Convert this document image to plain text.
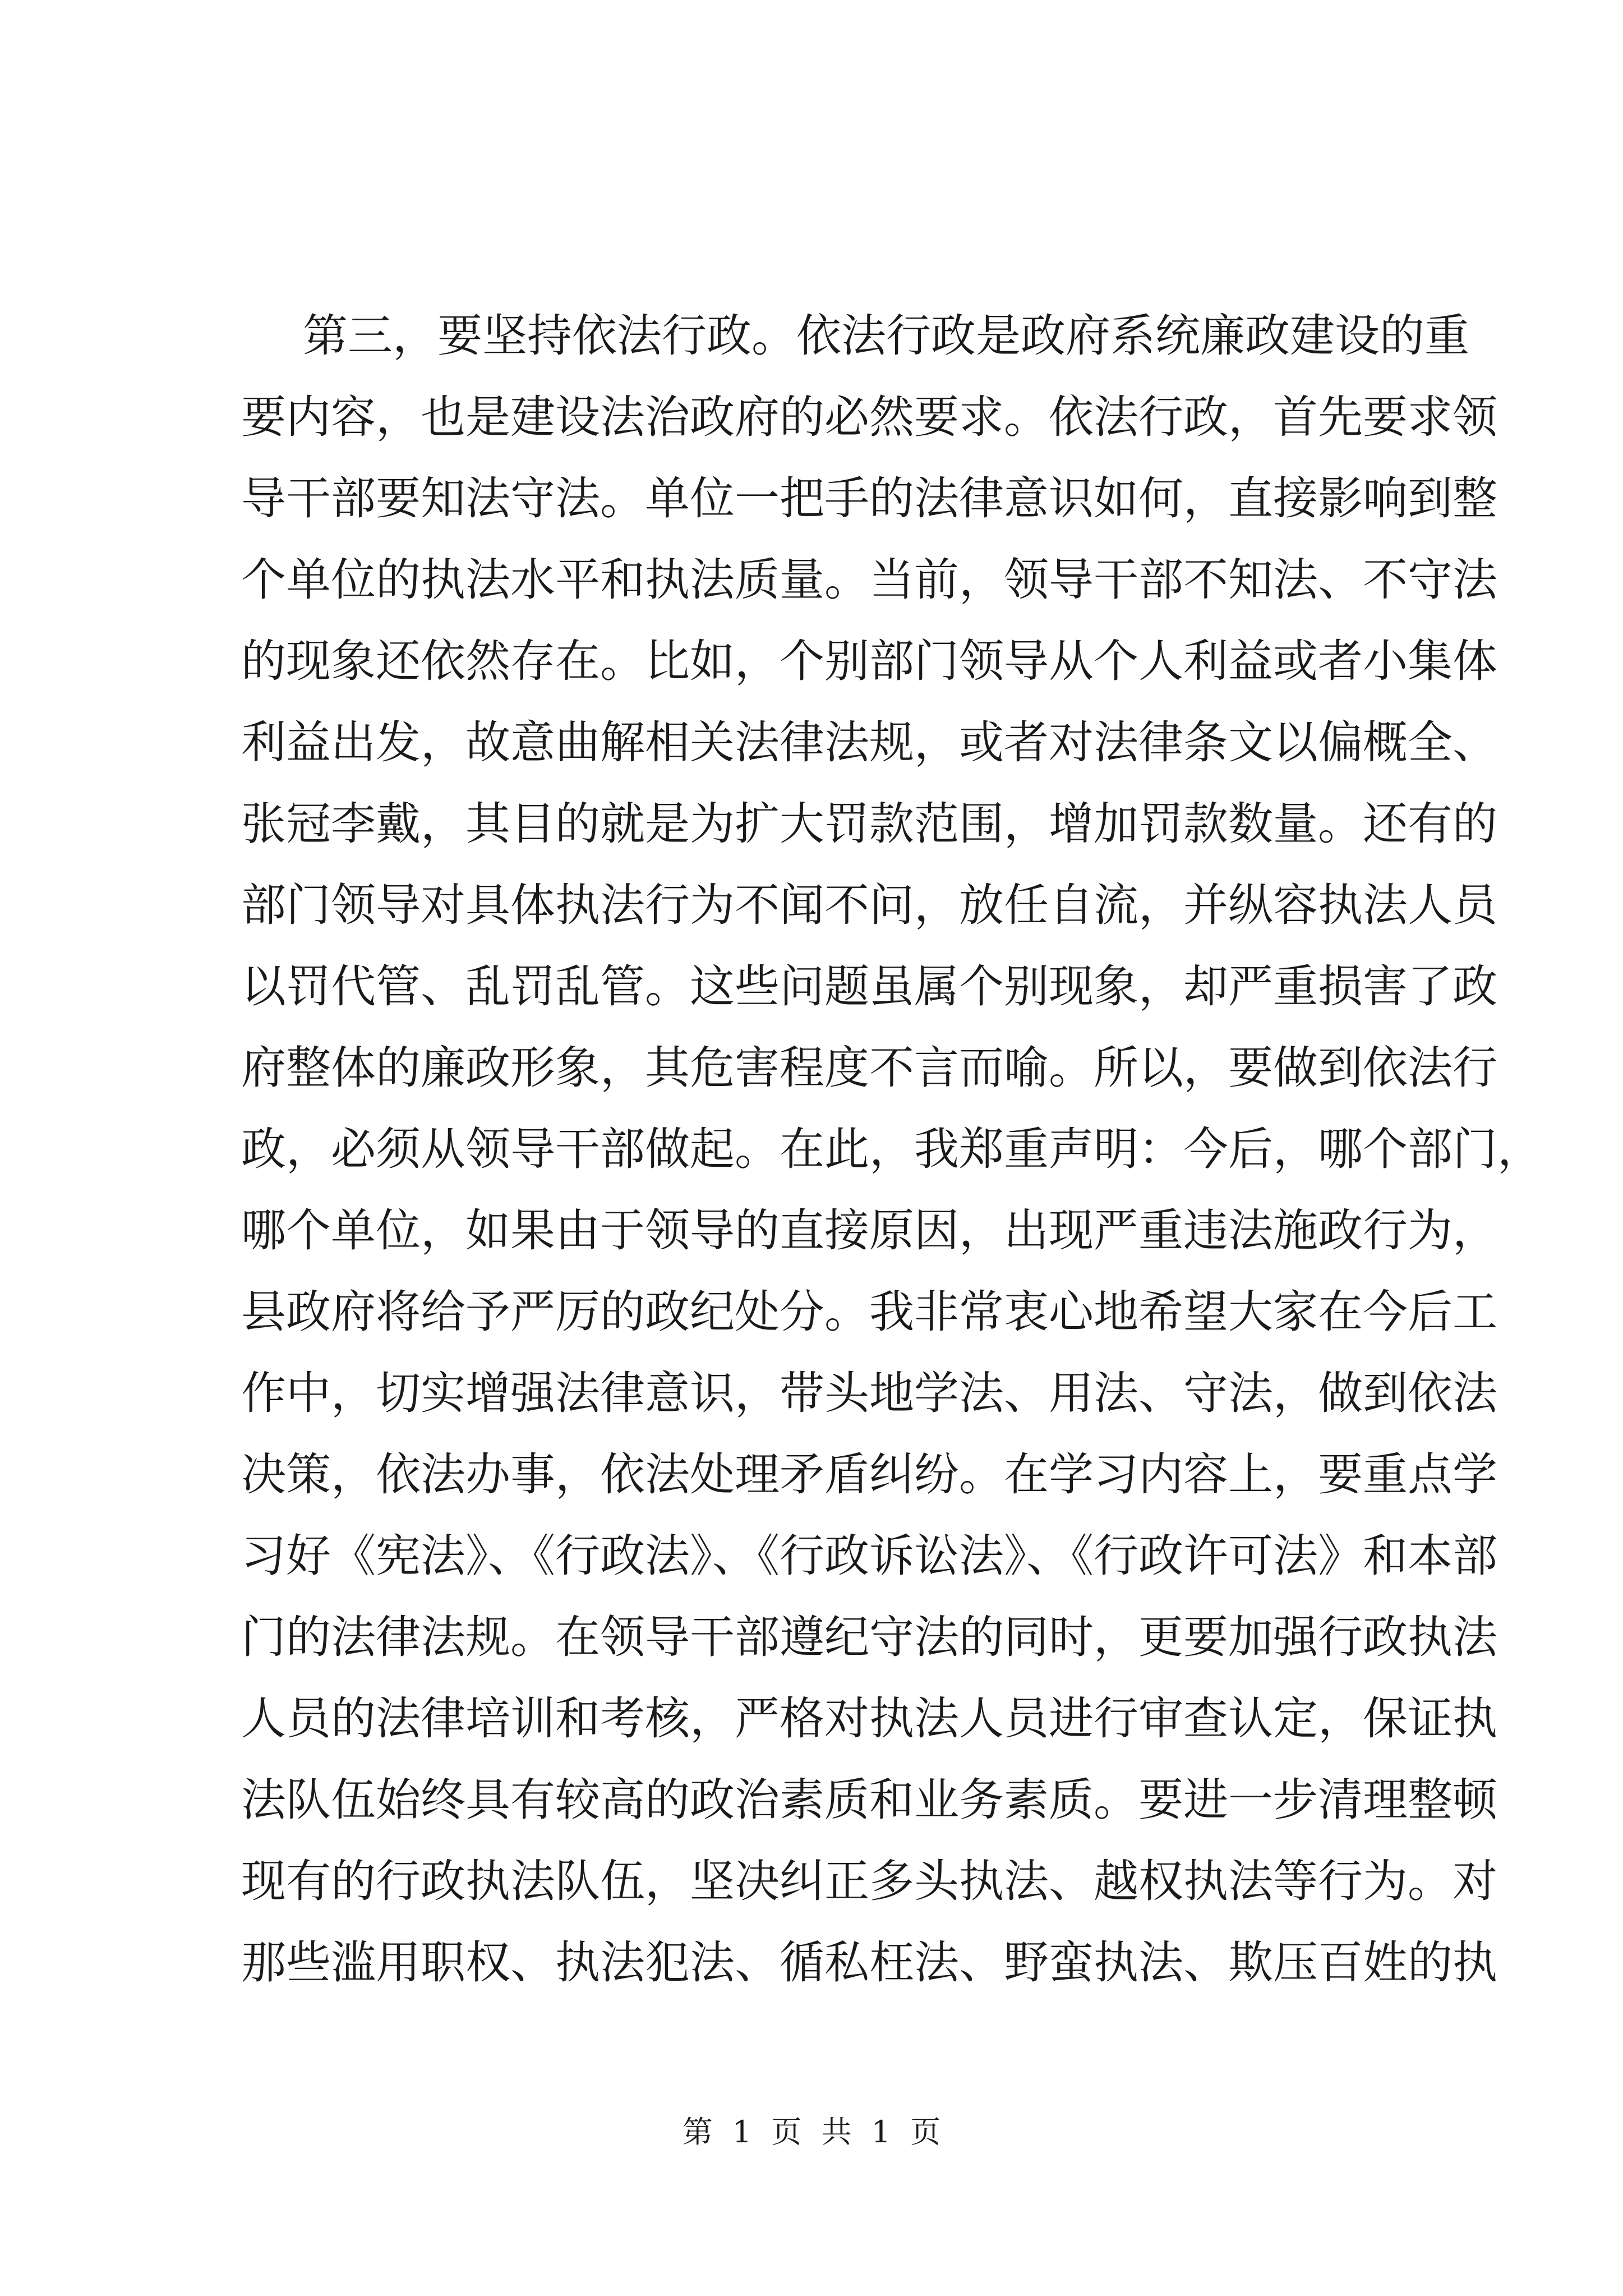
第三，要坚持依法行政。依法行政是政府系统廉政建设的重
要内容，也是建设法治政府的必然要求。依法行政，首先要求领
导干部要知法守法。单位一把手的法律意识如何，直接影响到整
个单位的执法水平和执法质量。当前，领导干部不知法、不守法
的现象还依然存在。比如，个别部门领导从个人利益或者小集体
利益出发，故意曲解相关法律法规，或者对法律条文以偏概全、
张冠李戴，其目的就是为扩大罚款范围，增加罚款数量。还有的
部门领导对具体执法行为不闻不问，放任自流，并纵容执法人员
以罚代管、乱罚乱管。这些问题虽属个别现象，却严重损害了政
府整体的廉政形象，其危害程度不言而喻。所以，要做到依法行
政，必须从领导干部做起。在此，我郑重声明：今后，哪个部门，
哪个单位，如果由于领导的直接原因，出现严重违法施政行为，
县政府将给予严厉的政纪处分。我非常衷心地希望大家在今后工
作中，切实增强法律意识，带头地学法、用法、守法，做到依法
决策，依法办事，依法处理矛盾纠纷。在学习内容上，要重点学
习好《宪法》、《行政法》、《行政诉讼法》、《行政许可法》和本部
门的法律法规。在领导干部遵纪守法的同时，更要加强行政执法
人员的法律培训和考核，严格对执法人员进行审查认定，保证执
法队伍始终具有较高的政治素质和业务素质。要进一步清理整顿
现有的行政执法队伍，坚决纠正多头执法、越权执法等行为。对
那些滥用职权、执法犯法、循私枉法、野蛮执法、欺压百姓的执
第 1 页 共 1 页
